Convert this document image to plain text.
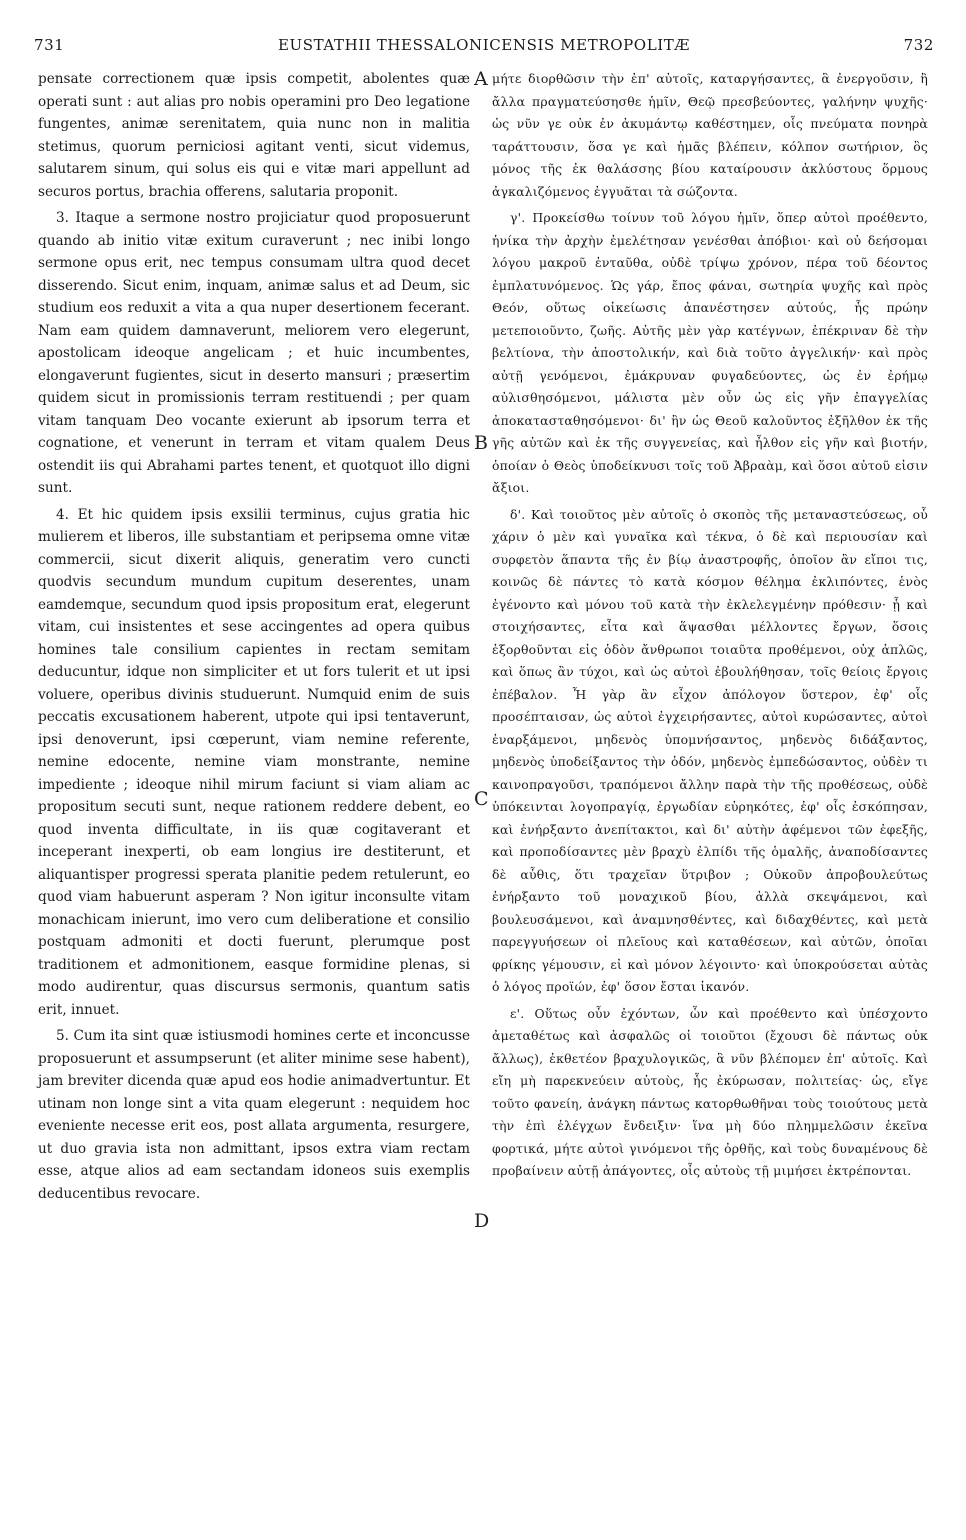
731	EUSTATHII THESSALONICENSIS METROPOLITÆ	732

pensate correctionem quæ ipsis competit, abolentes quæ operati sunt : aut alias pro nobis operamini pro Deo legatione fungentes, animæ serenitatem, quia nunc non in malitia stetimus, quorum perniciosi agitant venti, sicut videmus, salutarem sinum, qui solus eis qui e vitæ mari appellunt ad securos portus, brachia offerens, salutaria proponit.

3. Itaque a sermone nostro projiciatur quod proposuerunt quando ab initio vitæ exitum curaverunt ; nec inibi longo sermone opus erit, nec tempus consumam ultra quod decet disserendo. Sicut enim, inquam, animæ salus et ad Deum, sic studium eos reduxit a vita a qua nuper desertionem fecerant. Nam eam quidem damnaverunt, meliorem vero elegerunt, apostolicam ideoque angelicam ; et huic incumbentes, elongaverunt fugientes, sicut in deserto mansuri ; præsertim quidem sicut in promissionis terram restituendi ; per quam vitam tanquam Deo vocante exierunt ab ipsorum terra et cognatione, et venerunt in terram et vitam qualem Deus ostendit iis qui Abrahami partes tenent, et quotquot illo digni sunt.

4. Et hic quidem ipsis exsilii terminus, cujus gratia hic mulierem et liberos, ille substantiam et peripsema omne vitæ commercii, sicut dixerit aliquis, generatim vero cuncti quodvis secundum mundum cupitum deserentes, unam eamdemque, secundum quod ipsis propositum erat, elegerunt vitam, cui insistentes et sese accingentes ad opera quibus homines tale consilium capientes in rectam semitam deducuntur, idque non simpliciter et ut fors tulerit et ut ipsi voluere, operibus divinis studuerunt. Numquid enim de suis peccatis excusationem haberent, utpote qui ipsi tentaverunt, ipsi denoverunt, ipsi cœperunt, viam nemine referente, nemine edocente, nemine viam monstrante, nemine impediente ; ideoque nihil mirum faciunt si viam aliam ac propositum secuti sunt, neque rationem reddere debent, eo quod inventa difficultate, in iis quæ cogitaverant et inceperant inexperti, ob eam longius ire destiterunt, et aliquantisper progressi sperata planitie pedem retulerunt, eo quod viam habuerunt asperam ? Non igitur inconsulte vitam monachicam inierunt, imo vero cum deliberatione et consilio postquam admoniti et docti fuerunt, plerumque post traditionem et admonitionem, easque formidine plenas, si modo audirentur, quas discursus sermonis, quantum satis erit, innuet.

5. Cum ita sint quæ istiusmodi homines certe et inconcusse proposuerunt et assumpserunt (et aliter minime sese habent), jam breviter dicenda quæ apud eos hodie animadvertuntur. Et utinam non longe sint a vita quam elegerunt : nequidem hoc eveniente necesse erit eos, post allata argumenta, resurgere, ut duo gravia ista non admittant, ipsos extra viam rectam esse, atque alios ad eam sectandam idoneos suis exemplis deducentibus revocare.

A
B
C
D

μήτε διορθῶσιν τὴν ἐπ' αὐτοῖς, καταργήσαντες, ἃ ἐνεργοῦσιν, ἢ ἄλλα πραγματεύσησθε ἡμῖν, Θεῷ πρεσβεύοντες, γαλήνην ψυχῆς· ὡς νῦν γε οὐκ ἐν ἀκυμάντῳ καθέστημεν, οἷς πνεύματα πονηρὰ ταράττουσιν, ὅσα γε καὶ ἡμᾶς βλέπειν, κόλπον σωτήριον, ὃς μόνος τῆς ἐκ θαλάσσης βίου καταίρουσιν ἀκλύστους ὅρμους ἀγκαλιζόμενος ἐγγυᾶται τὰ σώζοντα.

γ'. Προκείσθω τοίνυν τοῦ λόγου ἡμῖν, ὅπερ αὐτοὶ προέθεντο, ἡνίκα τὴν ἀρχὴν ἐμελέτησαν γενέσθαι ἀπόβιοι· καὶ οὐ δεήσομαι λόγου μακροῦ ἐνταῦθα, οὐδὲ τρίψω χρόνον, πέρα τοῦ δέοντος ἐμπλατυνόμενος. Ὡς γάρ, ἔπος φάναι, σωτηρία ψυχῆς καὶ πρὸς Θεόν, οὕτως οἰκείωσις ἀπανέστησεν αὐτούς, ἧς πρώην μετεποιοῦντο, ζωῆς. Αὐτῆς μὲν γὰρ κατέγνων, ἐπέκριναν δὲ τὴν βελτίονα, τὴν ἀποστολικήν, καὶ διὰ τοῦτο ἀγγελικήν· καὶ πρὸς αὐτῇ γενόμενοι, ἐμάκρυναν φυγαδεύοντες, ὡς ἐν ἐρήμῳ αὐλισθησόμενοι, μάλιστα μὲν οὖν ὡς εἰς γῆν ἐπαγγελίας ἀποκατασταθησόμενοι· δι' ἣν ὡς Θεοῦ καλοῦντος ἐξῆλθον ἐκ τῆς γῆς αὐτῶν καὶ ἐκ τῆς συγγενείας, καὶ ἦλθον εἰς γῆν καὶ βιοτήν, ὁποίαν ὁ Θεὸς ὑποδείκνυσι τοῖς τοῦ Ἀβραὰμ, καὶ ὅσοι αὐτοῦ εἰσιν ἄξιοι.

δ'. Καὶ τοιοῦτος μὲν αὐτοῖς ὁ σκοπὸς τῆς μεταναστεύσεως, οὗ χάριν ὁ μὲν καὶ γυναῖκα καὶ τέκνα, ὁ δὲ καὶ περιουσίαν καὶ συρφετὸν ἅπαντα τῆς ἐν βίῳ ἀναστροφῆς, ὁποῖον ἂν εἴποι τις, κοινῶς δὲ πάντες τὸ κατὰ κόσμον θέλημα ἐκλιπόντες, ἑνὸς ἐγένοντο καὶ μόνου τοῦ κατὰ τὴν ἐκλελεγμένην πρόθεσιν· ᾗ καὶ στοιχήσαντες, εἶτα καὶ ἅψασθαι μέλλοντες ἔργων, ὅσοις ἐξορθοῦνται εἰς ὁδὸν ἄνθρωποι τοιαῦτα προθέμενοι, οὐχ ἁπλῶς, καὶ ὅπως ἂν τύχοι, καὶ ὡς αὐτοὶ ἐβουλήθησαν, τοῖς θείοις ἔργοις ἐπέβαλον. Ἦ γὰρ ἂν εἶχον ἀπόλογον ὕστερον, ἐφ' οἷς προσέπταισαν, ὡς αὐτοὶ ἐγχειρήσαντες, αὐτοὶ κυρώσαντες, αὐτοὶ ἐναρξάμενοι, μηδενὸς ὑπομνήσαντος, μηδενὸς διδάξαντος, μηδενὸς ὑποδείξαντος τὴν ὁδόν, μηδενὸς ἐμπεδώσαντος, οὐδὲν τι καινοπραγοῦσι, τραπόμενοι ἄλλην παρὰ τὴν τῆς προθέσεως, οὐδὲ ὑπόκεινται λογοπραγίᾳ, ἐργωδίαν εὑρηκότες, ἐφ' οἷς ἐσκόπησαν, καὶ ἐνήρξαντο ἀνεπίτακτοι, καὶ δι' αὐτὴν ἀφέμενοι τῶν ἐφεξῆς, καὶ προποδίσαντες μὲν βραχὺ ἐλπίδι τῆς ὁμαλῆς, ἀναποδίσαντες δὲ αὖθις, ὅτι τραχεῖαν ὕτριβον ; Οὐκοῦν ἀπροβουλεύτως ἐνήρξαντο τοῦ μοναχικοῦ βίου, ἀλλὰ σκεψάμενοι, καὶ βουλευσάμενοι, καὶ ἀναμνησθέντες, καὶ διδαχθέντες, καὶ μετὰ παρεγγυήσεων οἱ πλεῖους καὶ καταθέσεων, καὶ αὐτῶν, ὁποῖαι φρίκης γέμουσιν, εἰ καὶ μόνον λέγοιντο· καὶ ὑποκρούσεται αὐτὰς ὁ λόγος προϊών, ἐφ' ὅσον ἔσται ἱκανόν.

ε'. Οὕτως οὖν ἐχόντων, ὧν καὶ προέθεντο καὶ ὑπέσχοντο ἀμεταθέτως καὶ ἀσφαλῶς οἱ τοιοῦτοι (ἔχουσι δὲ πάντως οὐκ ἄλλως), ἐκθετέον βραχυλογικῶς, ἃ νῦν βλέπομεν ἐπ' αὐτοῖς. Καὶ εἴη μὴ παρεκνεύειν αὐτοὺς, ἧς ἐκύρωσαν, πολιτείας· ὡς, εἴγε τοῦτο φανείη, ἀνάγκη πάντως κατορθωθῆναι τοὺς τοιούτους μετὰ τὴν ἐπὶ ἐλέγχων ἔνδειξιν· ἵνα μὴ δύο πλημμελῶσιν ἐκεῖνα φορτικά, μήτε αὐτοὶ γινόμενοι τῆς ὀρθῆς, καὶ τοὺς δυναμένους δὲ προβαίνειν αὐτῇ ἀπάγοντες, οἷς αὐτοὺς τῇ μιμήσει ἐκτρέπονται.
